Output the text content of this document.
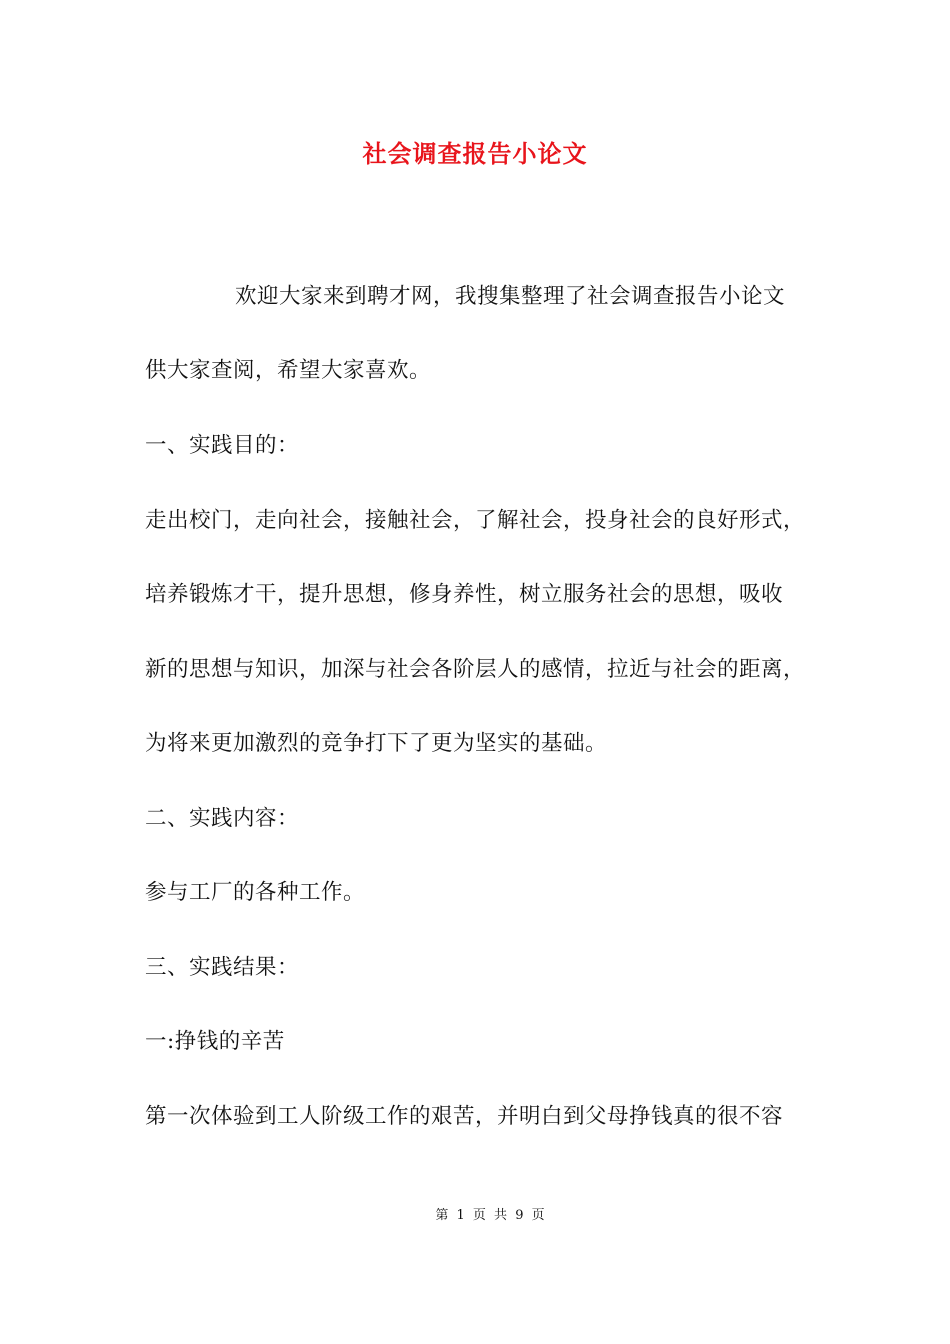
社会调查报告小论文
欢迎大家来到聘才网，我搜集整理了社会调查报告小论文
供大家查阅，希望大家喜欢。
一、实践目的：
走出校门，走向社会，接触社会，了解社会，投身社会的良好形式，
培养锻炼才干，提升思想，修身养性，树立服务社会的思想，吸收
新的思想与知识，加深与社会各阶层人的感情，拉近与社会的距离，
为将来更加激烈的竞争打下了更为坚实的基础。
二、实践内容：
参与工厂的各种工作。
三、实践结果：
一:挣钱的辛苦
第一次体验到工人阶级工作的艰苦，并明白到父母挣钱真的很不容
第 1 页 共 9 页
